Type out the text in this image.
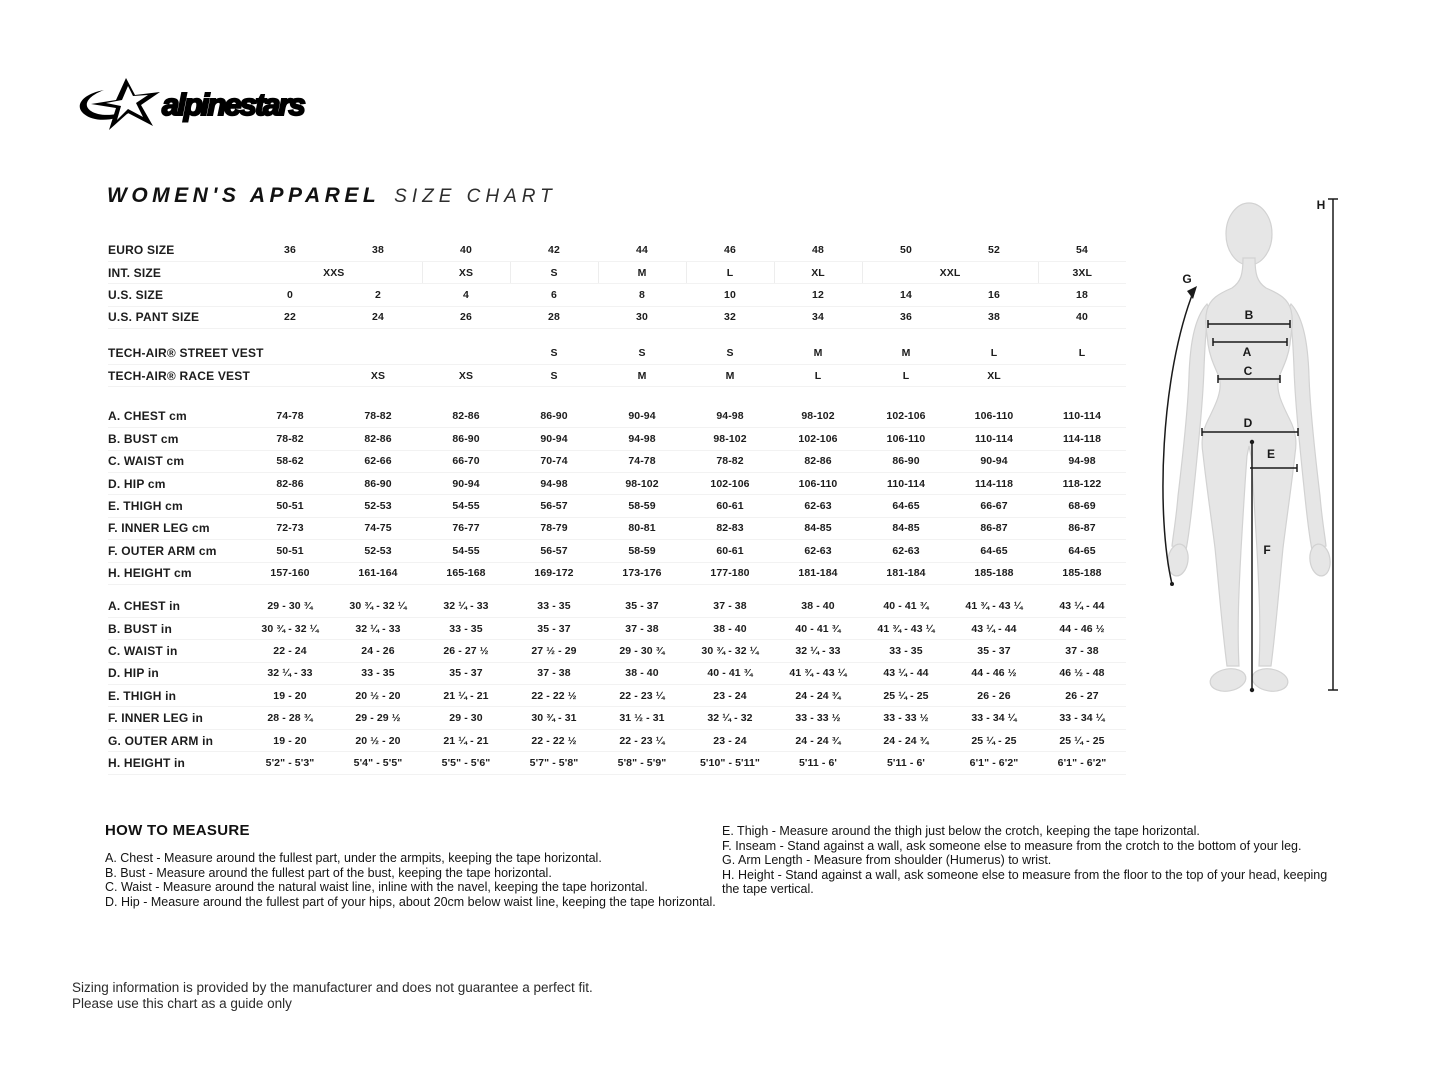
alpinestars
WOMEN'S APPAREL SIZE CHART
EURO SIZE	36	38	40	42	44	46	48	50	52	54
INT. SIZE	XXS		XS	S	M	L	XL	XXL		3XL
U.S. SIZE	0	2	4	6	8	10	12	14	16	18
U.S. PANT SIZE	22	24	26	28	30	32	34	36	38	40
TECH-AIR® STREET VEST				S	S	S	M	M	L	L
TECH-AIR® RACE VEST		XS	XS	S	M	M	L	L	XL	
A. CHEST cm	74-78	78-82	82-86	86-90	90-94	94-98	98-102	102-106	106-110	110-114
B. BUST cm	78-82	82-86	86-90	90-94	94-98	98-102	102-106	106-110	110-114	114-118
C. WAIST cm	58-62	62-66	66-70	70-74	74-78	78-82	82-86	86-90	90-94	94-98
D. HIP cm	82-86	86-90	90-94	94-98	98-102	102-106	106-110	110-114	114-118	118-122
E. THIGH cm	50-51	52-53	54-55	56-57	58-59	60-61	62-63	64-65	66-67	68-69
F. INNER LEG cm	72-73	74-75	76-77	78-79	80-81	82-83	84-85	84-85	86-87	86-87
F. OUTER ARM cm	50-51	52-53	54-55	56-57	58-59	60-61	62-63	62-63	64-65	64-65
H. HEIGHT cm	157-160	161-164	165-168	169-172	173-176	177-180	181-184	181-184	185-188	185-188
A. CHEST in	29 - 30 ¾	30 ¾ - 32 ¼	32 ¼ - 33	33 - 35	35 - 37	37 - 38	38 - 40	40 - 41 ¾	41 ¾ - 43 ¼	43 ¼ - 44
B. BUST in	30 ¾ - 32 ¼	32 ¼ - 33	33 - 35	35 - 37	37 - 38	38 - 40	40 - 41 ¾	41 ¾ - 43 ¼	43 ¼ - 44	44 - 46 ½
C. WAIST in	22 - 24	24 - 26	26 - 27 ½	27 ½ - 29	29 - 30 ¾	30 ¾ - 32 ¼	32 ¼ - 33	33 - 35	35 - 37	37 - 38
D. HIP in	32 ¼ - 33	33 - 35	35 - 37	37 - 38	38 - 40	40 - 41 ¾	41 ¾ - 43 ¼	43 ¼ - 44	44 - 46 ½	46 ½ - 48
E. THIGH in	19 - 20	20 ½ - 20	21 ¼ - 21	22 - 22 ½	22 - 23 ¼	23 - 24	24 - 24 ¾	25 ¼ - 25	26 - 26	26 - 27
F. INNER LEG in	28 - 28 ¾	29 - 29 ½	29 - 30	30 ¾ - 31	31 ½ - 31	32 ¼ - 32	33 - 33 ½	33 - 33 ½	33 - 34 ¼	33 - 34 ¼
G. OUTER ARM in	19 - 20	20 ½ - 20	21 ¼ - 21	22 - 22 ½	22 - 23 ¼	23 - 24	24 - 24 ¾	24 - 24 ¾	25 ¼ - 25	25 ¼ - 25
H. HEIGHT in	5'2" - 5'3"	5'4" - 5'5"	5'5" - 5'6"	5'7" - 5'8"	5'8" - 5'9"	5'10" - 5'11"	5'11 - 6'	5'11 - 6'	6'1" - 6'2"	6'1" - 6'2"
B
A
C
D
E
F
G
H
HOW TO MEASURE
A. Chest - Measure around the fullest part, under the armpits, keeping the tape horizontal.
B. Bust - Measure around the fullest part of the bust, keeping the tape horizontal.
C. Waist - Measure around the natural waist line, inline with the navel, keeping the tape horizontal.
D. Hip - Measure around the fullest part of your hips, about 20cm below waist line, keeping the tape horizontal.
E. Thigh - Measure around the thigh just below the crotch, keeping the tape horizontal.
F. Inseam - Stand against a wall, ask someone else to measure from the crotch to the bottom of your leg.
G. Arm Length - Measure from shoulder (Humerus) to wrist.
H. Height - Stand against a wall, ask someone else to measure from the floor to the top of your head, keeping the tape vertical.
Sizing information is provided by the manufacturer and does not guarantee a perfect fit.
Please use this chart as a guide only
